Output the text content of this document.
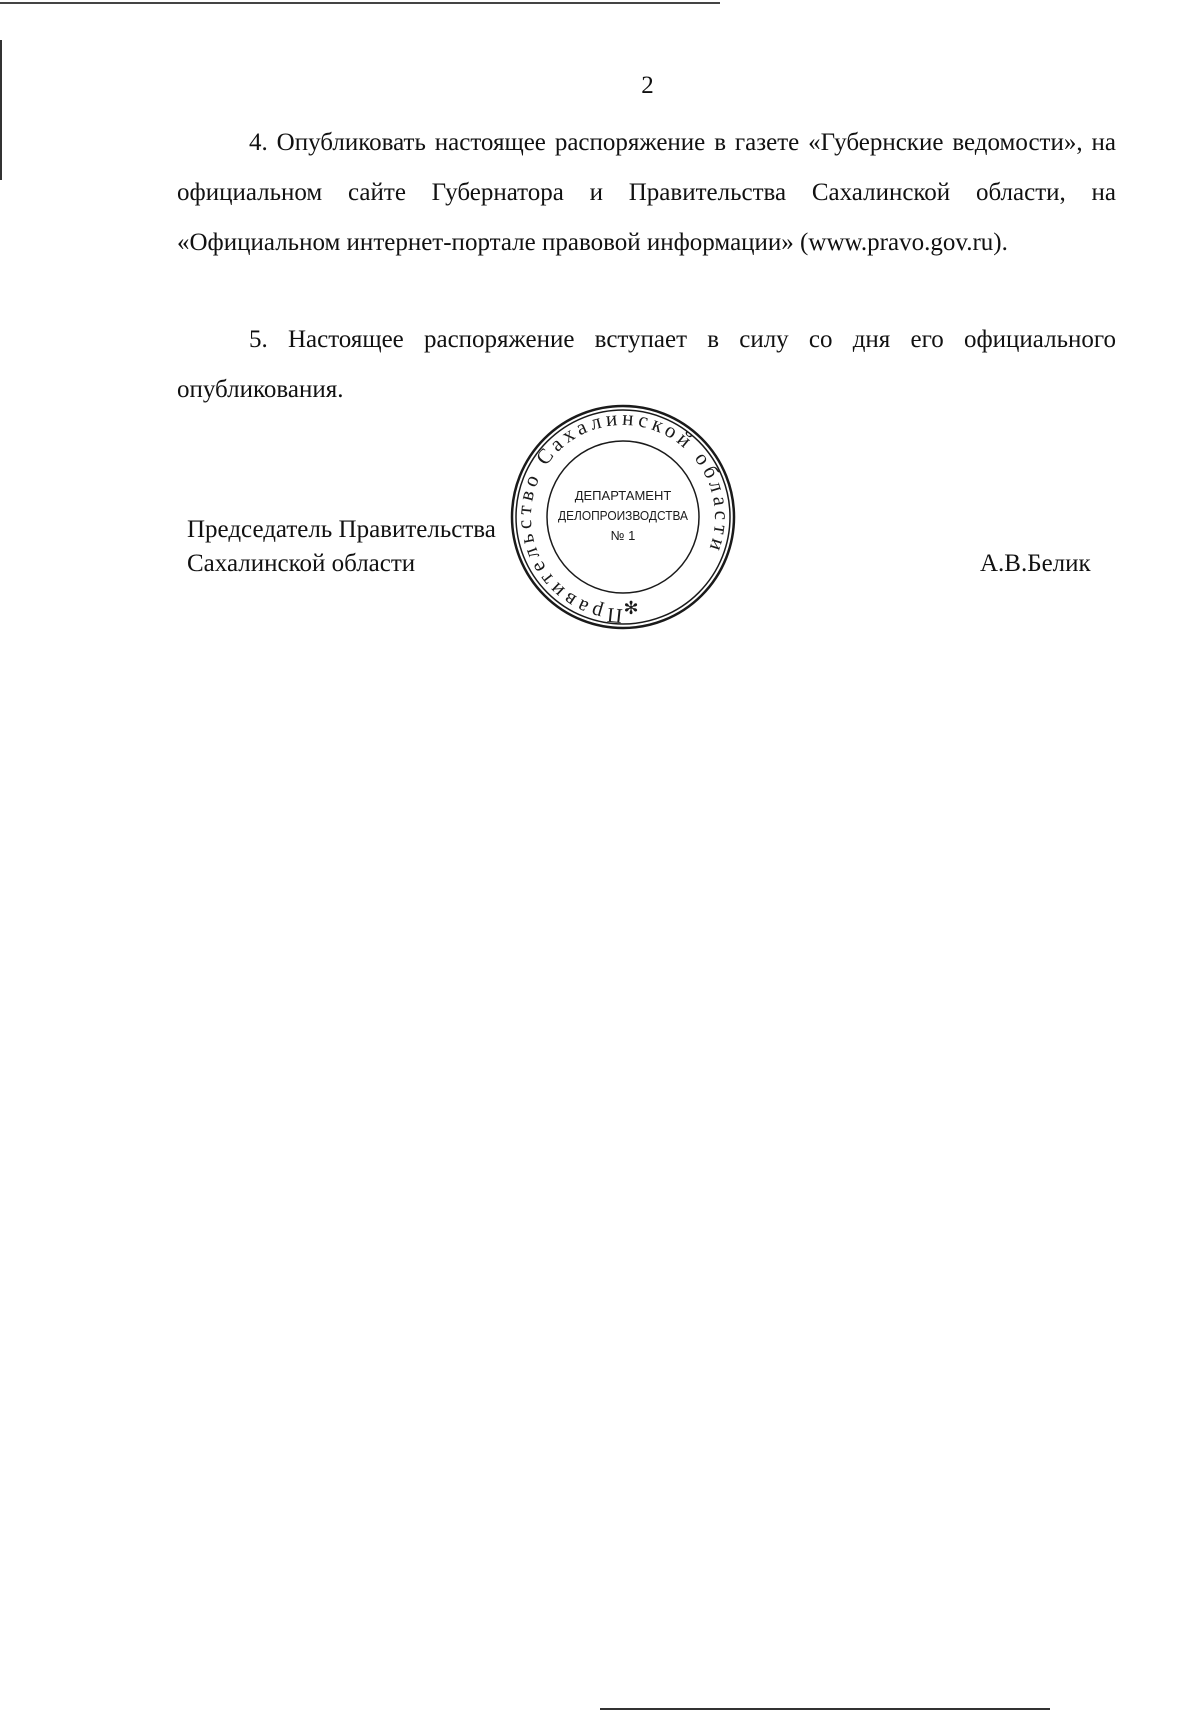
2

4. Опубликовать настоящее распоряжение в газете «Губернские ведомости», на официальном сайте Губернатора и Правительства Сахалинской области, на «Официальном интернет-портале правовой информации» (www.pravo.gov.ru).

5. Настоящее распоряжение вступает в силу со дня его официального опубликования.

Председатель Правительства
Сахалинской области	А.В.Белик
Правительство Сахалинской области
✻
ДЕПАРТАМЕНТ
ДЕЛОПРОИЗВОДСТВА
№ 1
